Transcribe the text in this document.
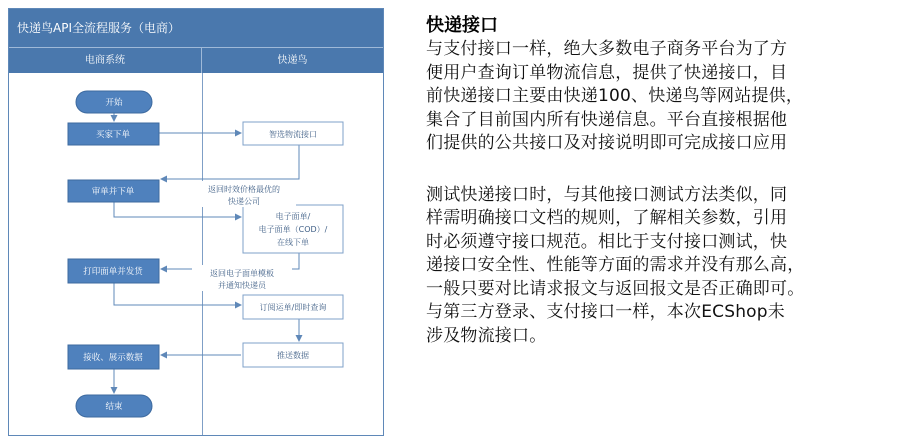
快递鸟API全流程服务（电商）
电商系统	快递鸟
开始
买家下单
审单并下单
打印面单并发货
接收、展示数据
结束
智选物流接口
电子面单/
电子面单（COD）/
在线下单
订阅运单/即时查询
推送数据
返回时效价格最优的
快递公司
返回电子面单模板
并通知快递员

快递接口

与支付接口一样，绝大多数电子商务平台为了方

便用户查询订单物流信息，提供了快递接口，目

前快递接口主要由快递100、快递鸟等网站提供，

集合了目前国内所有快递信息。平台直接根据他

们提供的公共接口及对接说明即可完成接口应用

测试快递接口时，与其他接口测试方法类似，同

样需明确接口文档的规则，了解相关参数，引用

时必须遵守接口规范。相比于支付接口测试，快

递接口安全性、性能等方面的需求并没有那么高，

一般只要对比请求报文与返回报文是否正确即可。

与第三方登录、支付接口一样，本次ECShop未

涉及物流接口。
